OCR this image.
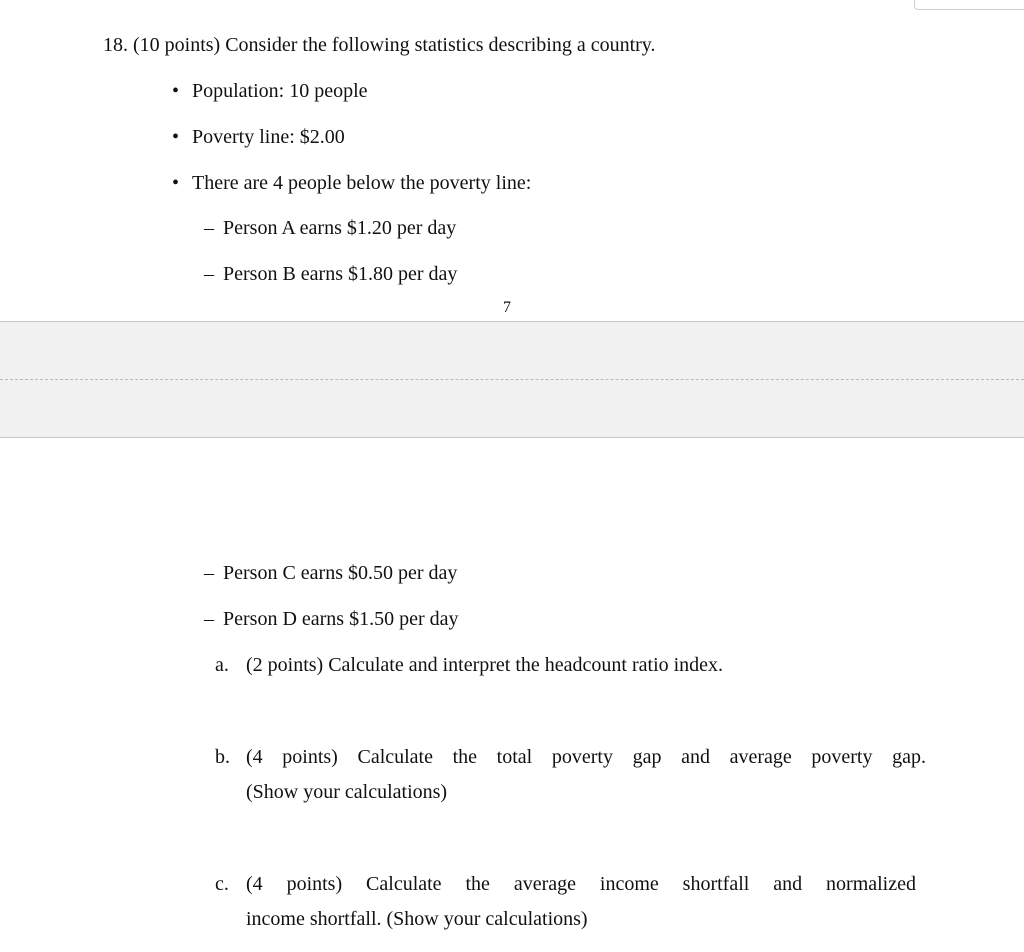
18. (10 points) Consider the following statistics describing a country.
• Population: 10 people
• Poverty line: $2.00
• There are 4 people below the poverty line:
– Person A earns $1.20 per day
– Person B earns $1.80 per day
7
– Person C earns $0.50 per day
– Person D earns $1.50 per day
a. (2 points) Calculate and interpret the headcount ratio index.
b. (4 points) Calculate the total poverty gap and average poverty gap.
(Show your calculations)
c. (4 points) Calculate the average income shortfall and normalized
income shortfall. (Show your calculations)
